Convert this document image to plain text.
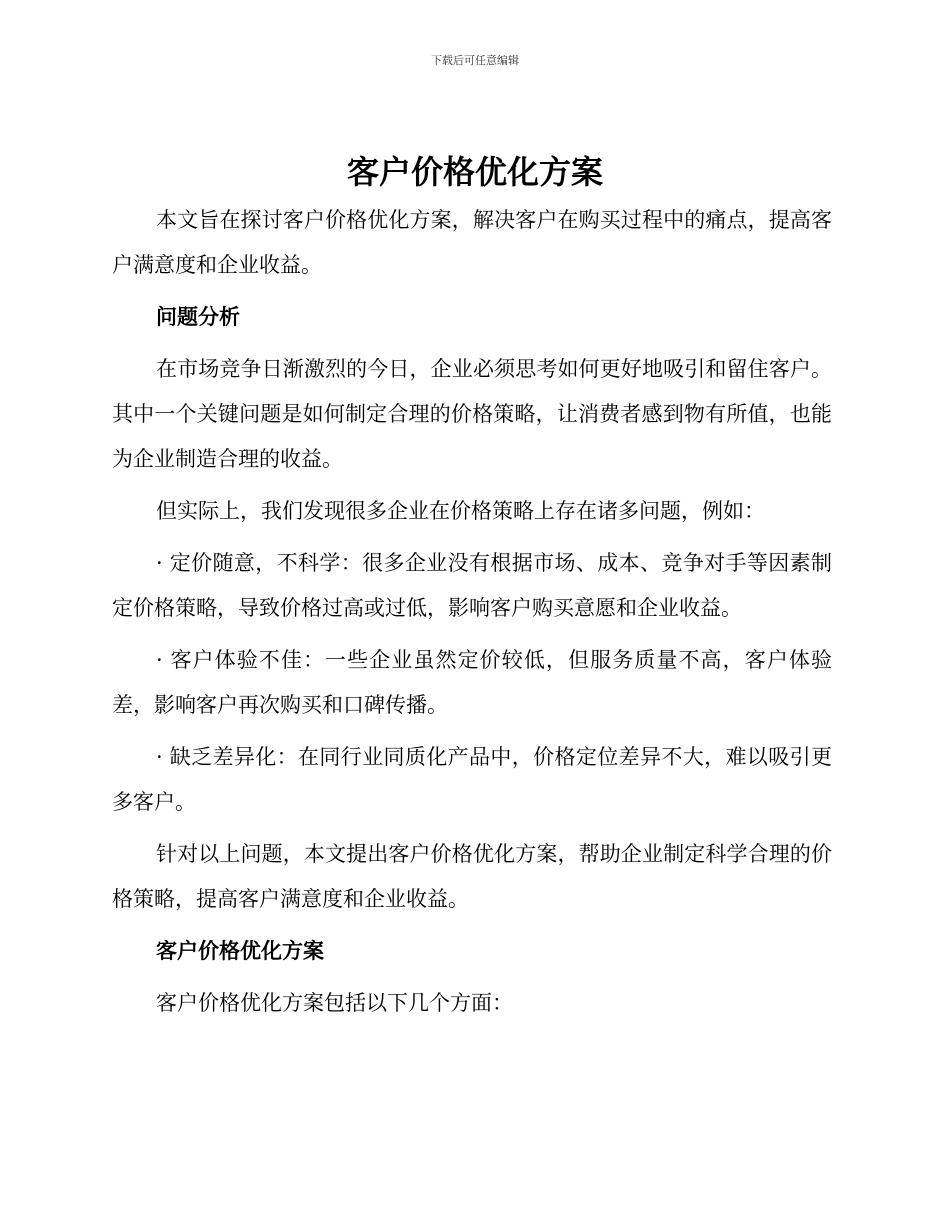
下载后可任意编辑
客户价格优化方案

本文旨在探讨客户价格优化方案，解决客户在购买过程中的痛点，提高客户满意度和企业收益。

问题分析

在市场竞争日渐激烈的今日，企业必须思考如何更好地吸引和留住客户。其中一个关键问题是如何制定合理的价格策略，让消费者感到物有所值，也能为企业制造合理的收益。

但实际上，我们发现很多企业在价格策略上存在诸多问题，例如：

· 定价随意，不科学：很多企业没有根据市场、成本、竞争对手等因素制定价格策略，导致价格过高或过低，影响客户购买意愿和企业收益。

· 客户体验不佳：一些企业虽然定价较低，但服务质量不高，客户体验差，影响客户再次购买和口碑传播。

· 缺乏差异化：在同行业同质化产品中，价格定位差异不大，难以吸引更多客户。

针对以上问题，本文提出客户价格优化方案，帮助企业制定科学合理的价格策略，提高客户满意度和企业收益。

客户价格优化方案

客户价格优化方案包括以下几个方面：
